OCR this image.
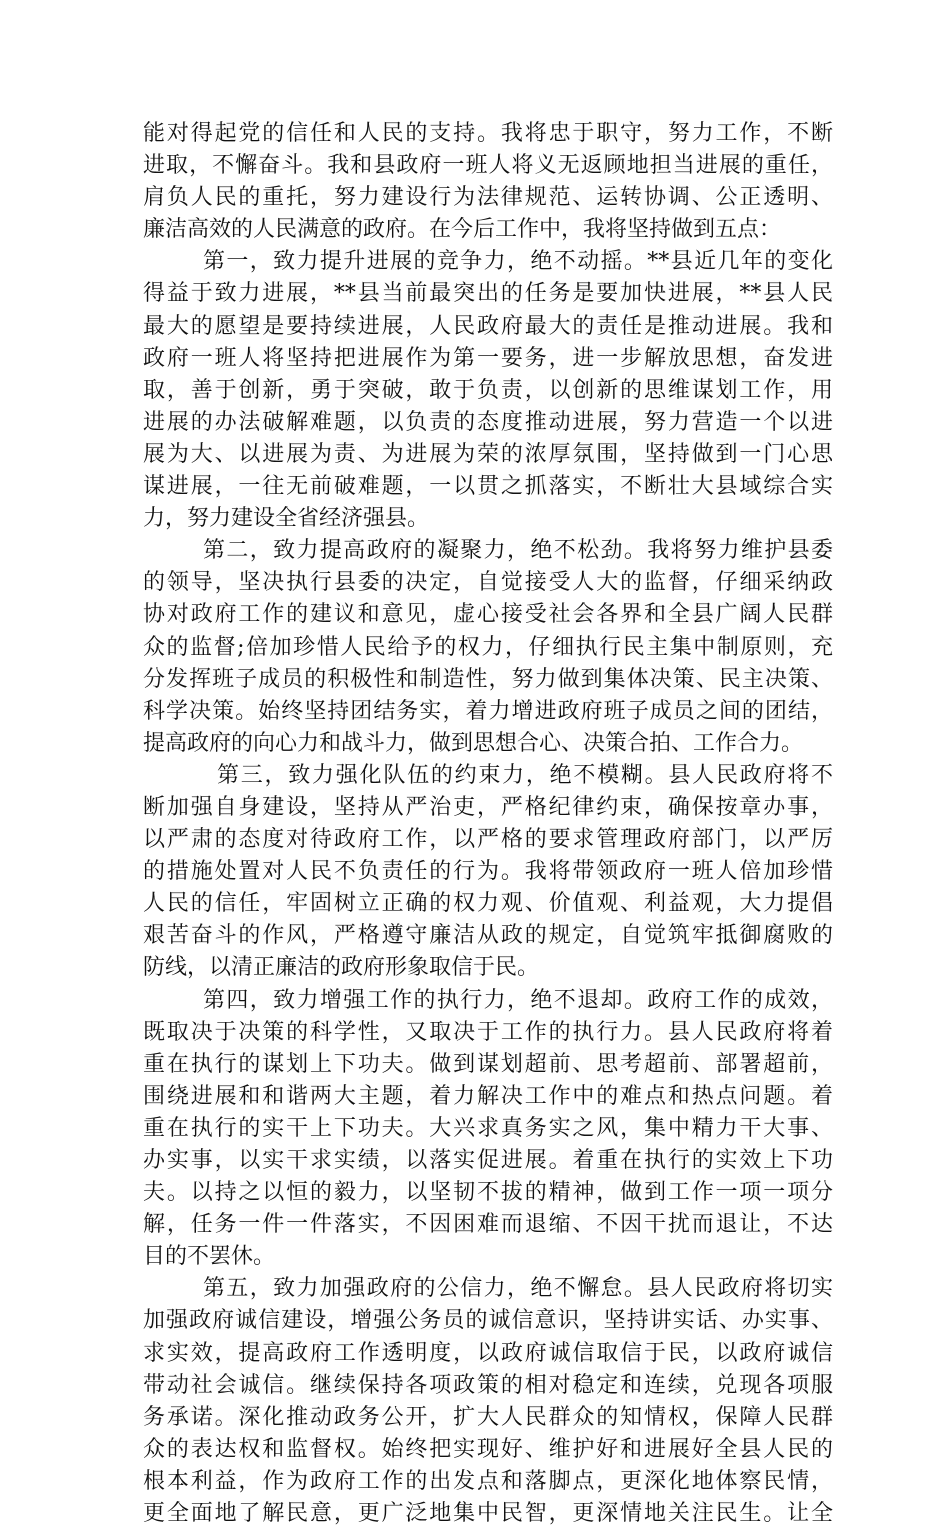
能对得起党的信任和人民的支持。我将忠于职守，努力工作，不断
进取，不懈奋斗。我和县政府一班人将义无返顾地担当进展的重任，
肩负人民的重托，努力建设行为法律规范、运转协调、公正透明、
廉洁高效的人民满意的政府。在今后工作中，我将坚持做到五点：
第一，致力提升进展的竞争力，绝不动摇。**县近几年的变化
得益于致力进展，**县当前最突出的任务是要加快进展，**县人民
最大的愿望是要持续进展，人民政府最大的责任是推动进展。我和
政府一班人将坚持把进展作为第一要务，进一步解放思想，奋发进
取，善于创新，勇于突破，敢于负责，以创新的思维谋划工作，用
进展的办法破解难题，以负责的态度推动进展，努力营造一个以进
展为大、以进展为责、为进展为荣的浓厚氛围，坚持做到一门心思
谋进展，一往无前破难题，一以贯之抓落实，不断壮大县域综合实
力，努力建设全省经济强县。
第二，致力提高政府的凝聚力，绝不松劲。我将努力维护县委
的领导，坚决执行县委的决定，自觉接受人大的监督，仔细采纳政
协对政府工作的建议和意见，虚心接受社会各界和全县广阔人民群
众的监督;倍加珍惜人民给予的权力，仔细执行民主集中制原则，充
分发挥班子成员的积极性和制造性，努力做到集体决策、民主决策、
科学决策。始终坚持团结务实，着力增进政府班子成员之间的团结，
提高政府的向心力和战斗力，做到思想合心、决策合拍、工作合力。
第三，致力强化队伍的约束力，绝不模糊。县人民政府将不
断加强自身建设，坚持从严治吏，严格纪律约束，确保按章办事，
以严肃的态度对待政府工作，以严格的要求管理政府部门，以严厉
的措施处置对人民不负责任的行为。我将带领政府一班人倍加珍惜
人民的信任，牢固树立正确的权力观、价值观、利益观，大力提倡
艰苦奋斗的作风，严格遵守廉洁从政的规定，自觉筑牢抵御腐败的
防线，以清正廉洁的政府形象取信于民。
第四，致力增强工作的执行力，绝不退却。政府工作的成效，
既取决于决策的科学性，又取决于工作的执行力。县人民政府将着
重在执行的谋划上下功夫。做到谋划超前、思考超前、部署超前，
围绕进展和和谐两大主题，着力解决工作中的难点和热点问题。着
重在执行的实干上下功夫。大兴求真务实之风，集中精力干大事、
办实事，以实干求实绩，以落实促进展。着重在执行的实效上下功
夫。以持之以恒的毅力，以坚韧不拔的精神，做到工作一项一项分
解，任务一件一件落实，不因困难而退缩、不因干扰而退让，不达
目的不罢休。
第五，致力加强政府的公信力，绝不懈怠。县人民政府将切实
加强政府诚信建设，增强公务员的诚信意识，坚持讲实话、办实事、
求实效，提高政府工作透明度，以政府诚信取信于民，以政府诚信
带动社会诚信。继续保持各项政策的相对稳定和连续，兑现各项服
务承诺。深化推动政务公开，扩大人民群众的知情权，保障人民群
众的表达权和监督权。始终把实现好、维护好和进展好全县人民的
根本利益，作为政府工作的出发点和落脚点，更深化地体察民情，
更全面地了解民意，更广泛地集中民智，更深情地关注民生。让全
